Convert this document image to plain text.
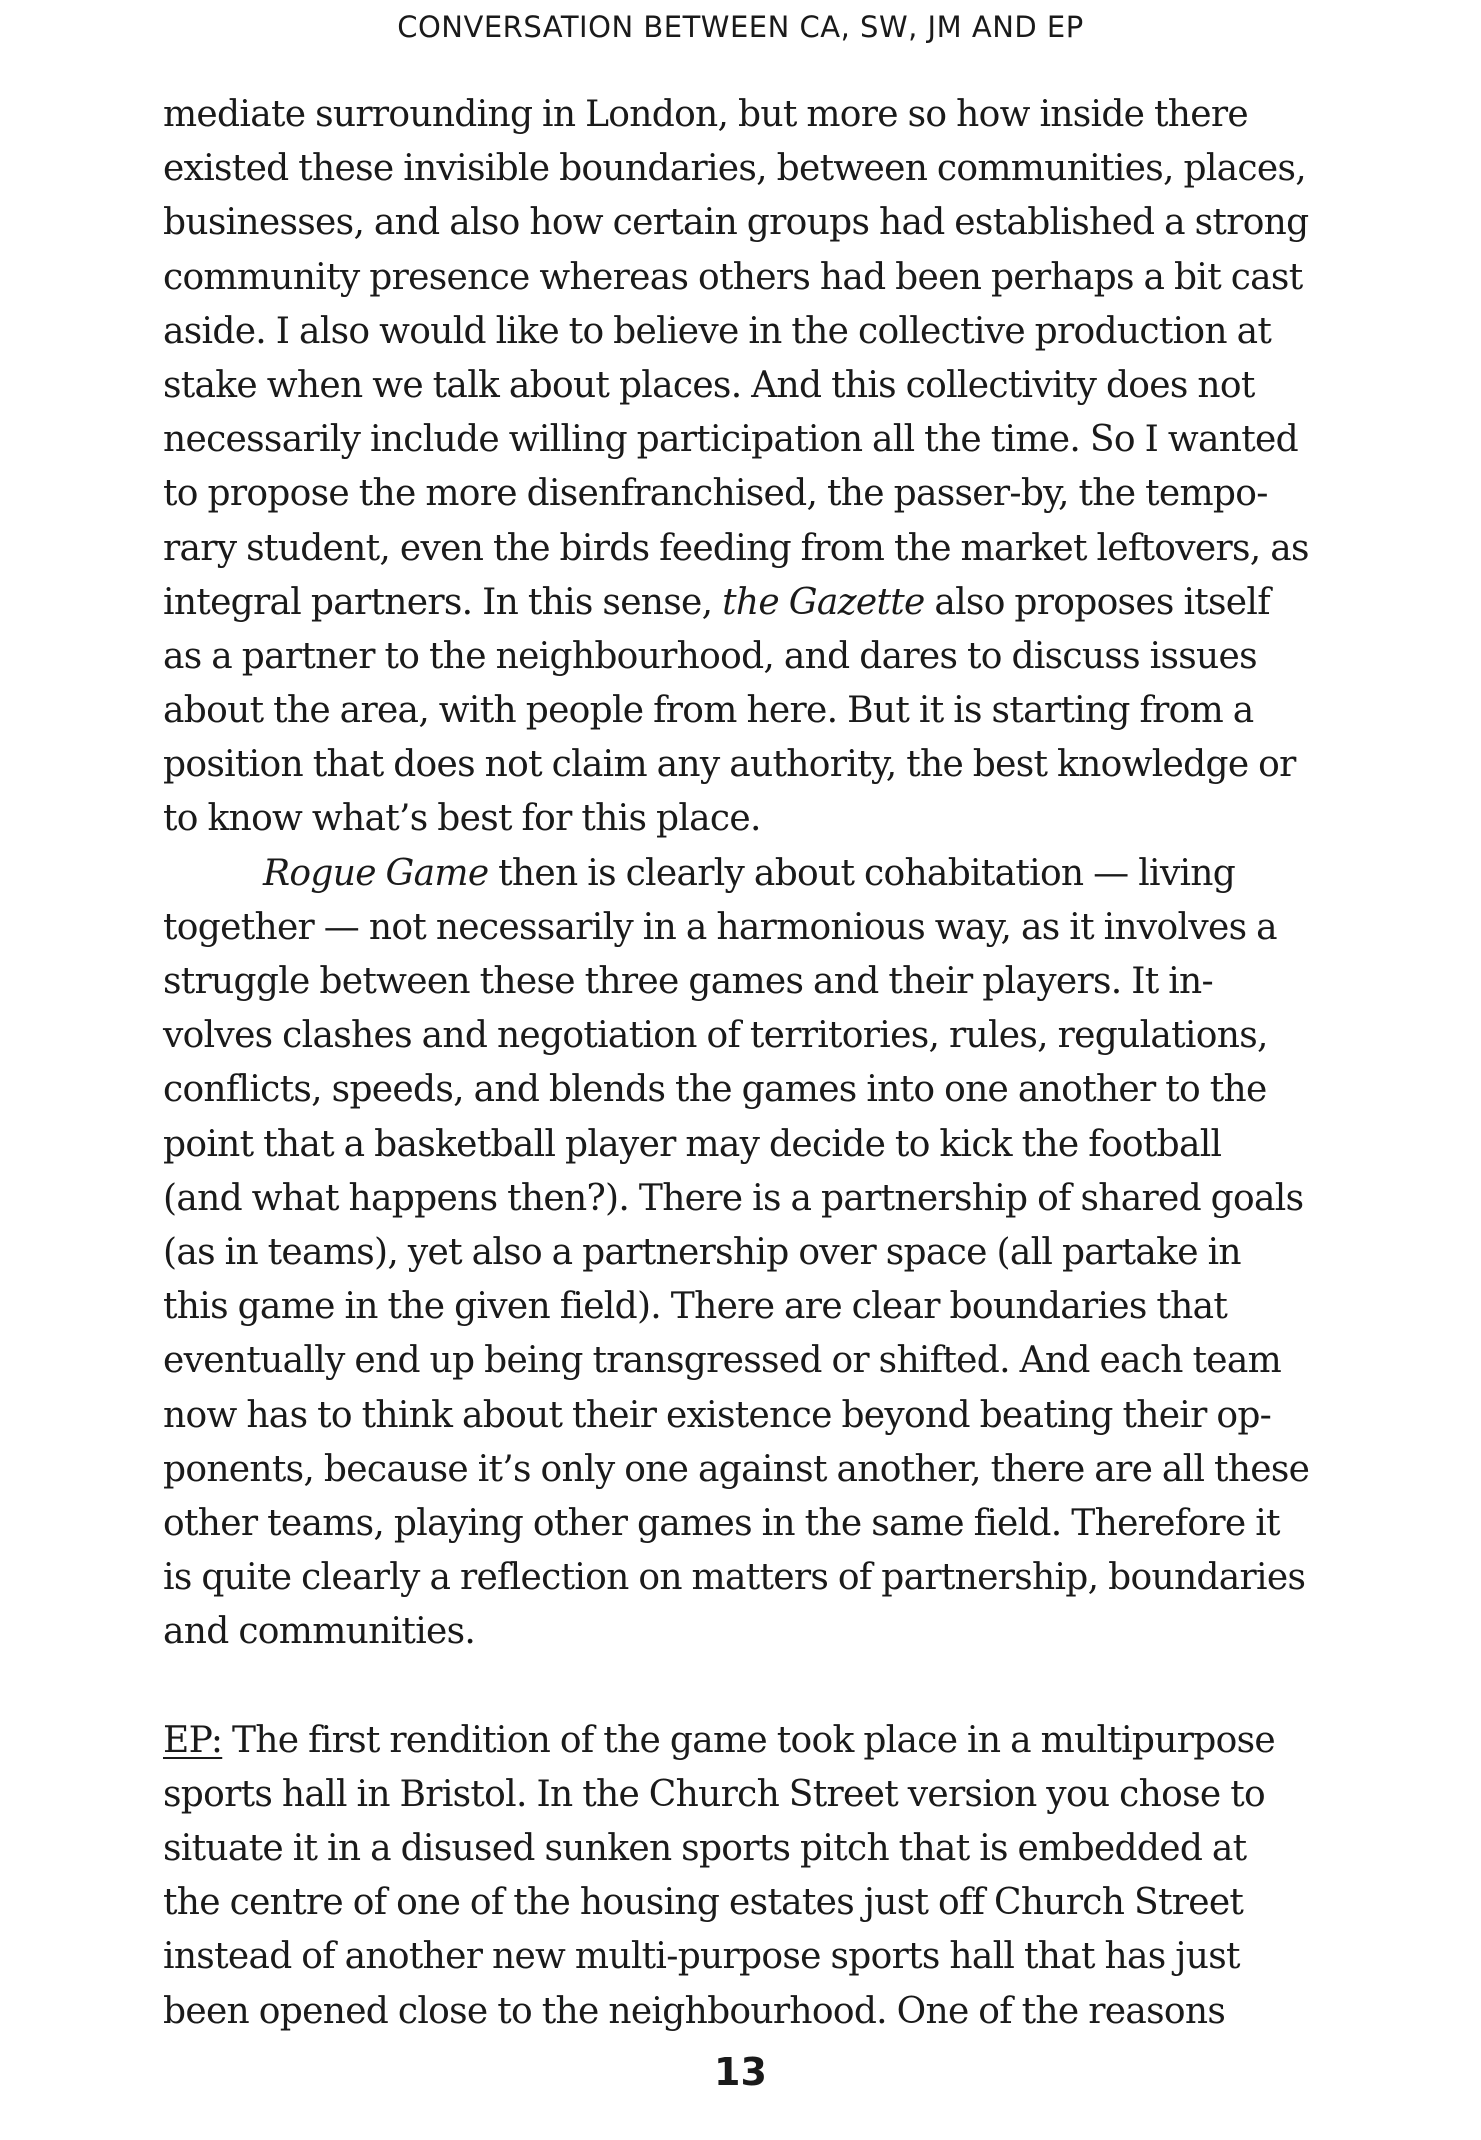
CONVERSATION BETWEEN CA, SW, JM AND EP

mediate surrounding in London, but more so how inside there
existed these invisible boundaries, between communities, places,
businesses, and also how certain groups had established a strong
community presence whereas others had been perhaps a bit cast
aside. I also would like to believe in the collective production at
stake when we talk about places. And this collectivity does not
necessarily include willing participation all the time. So I wanted
to propose the more disenfranchised, the passer-by, the tempo-
rary student, even the birds feeding from the market leftovers, as
integral partners. In this sense, the Gazette also proposes itself
as a partner to the neighbourhood, and dares to discuss issues
about the area, with people from here. But it is starting from a
position that does not claim any authority, the best knowledge or
to know what’s best for this place.
Rogue Game then is clearly about cohabitation — living
together — not necessarily in a harmonious way, as it involves a
struggle between these three games and their players. It in-
volves clashes and negotiation of territories, rules, regulations,
conflicts, speeds, and blends the games into one another to the
point that a basketball player may decide to kick the football
(and what happens then?). There is a partnership of shared goals
(as in teams), yet also a partnership over space (all partake in
this game in the given field). There are clear boundaries that
eventually end up being transgressed or shifted. And each team
now has to think about their existence beyond beating their op-
ponents, because it’s only one against another, there are all these
other teams, playing other games in the same field. Therefore it
is quite clearly a reflection on matters of partnership, boundaries
and communities.
EP: The first rendition of the game took place in a multipurpose
sports hall in Bristol. In the Church Street version you chose to
situate it in a disused sunken sports pitch that is embedded at
the centre of one of the housing estates just off Church Street
instead of another new multi-purpose sports hall that has just
been opened close to the neighbourhood. One of the reasons
13
